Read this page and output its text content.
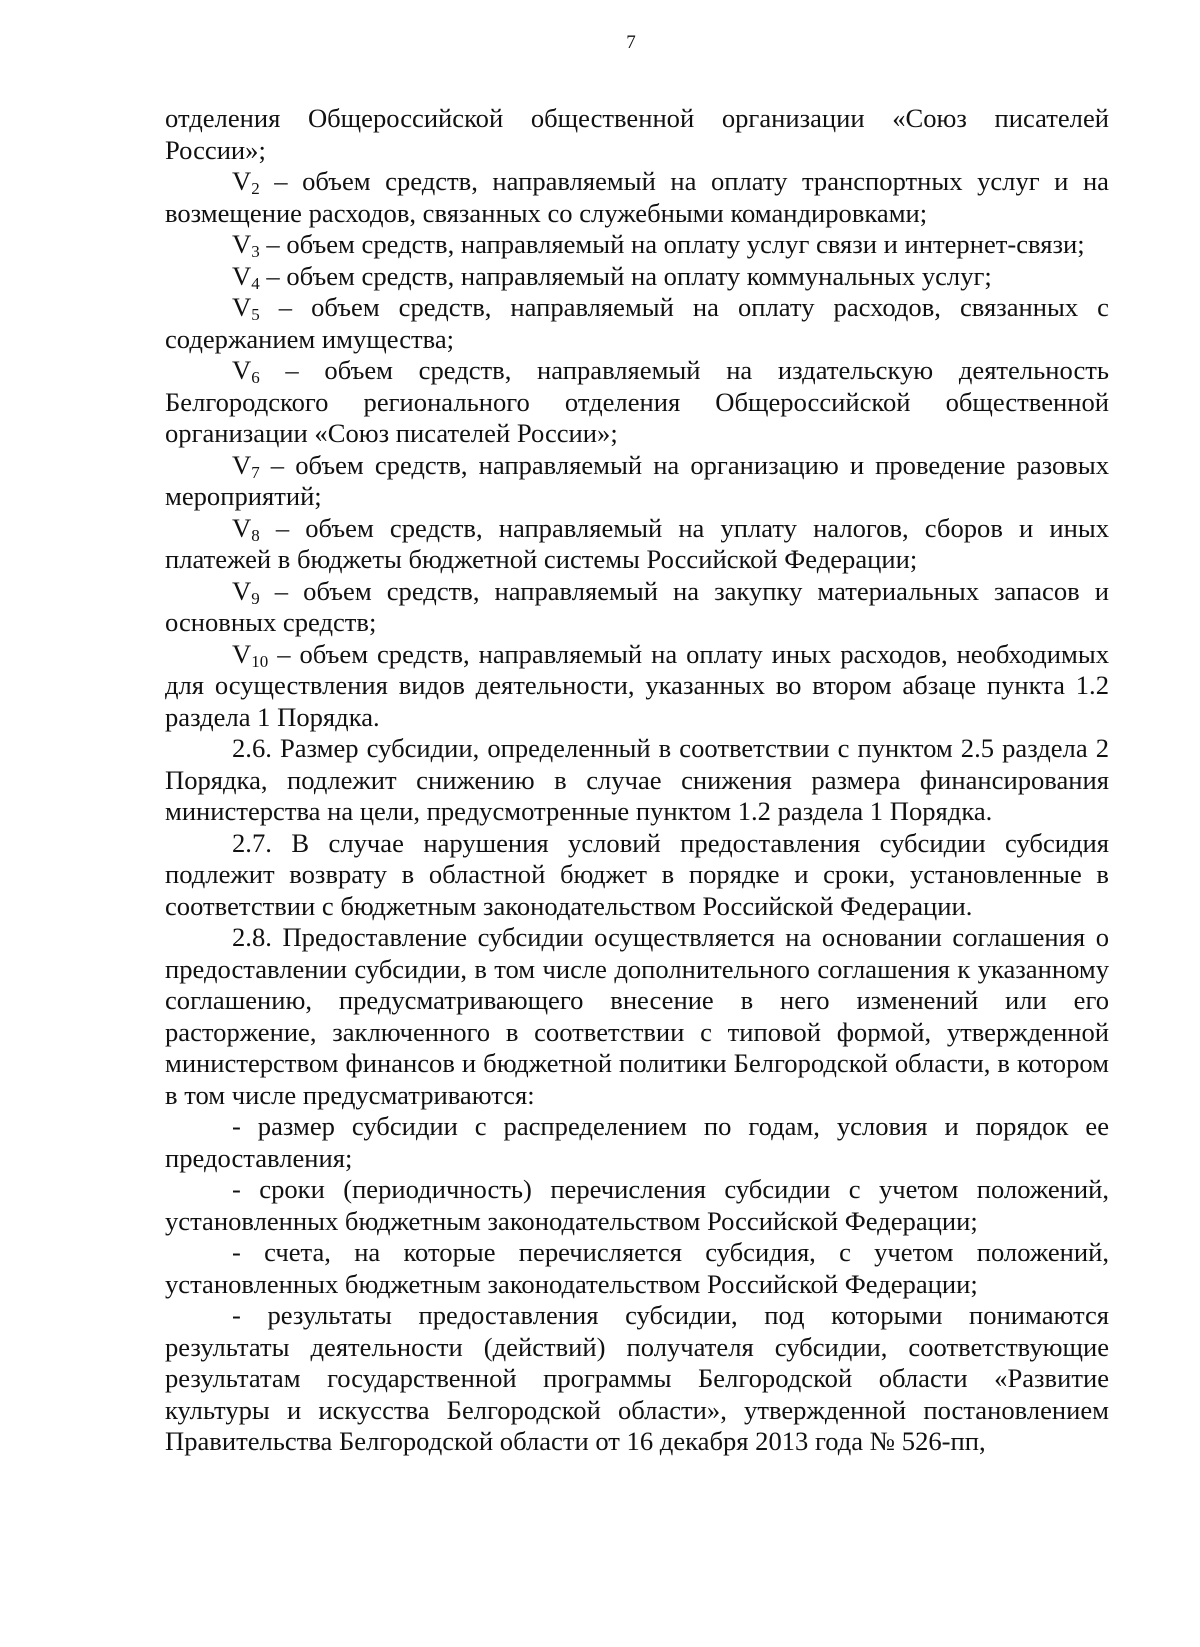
7

отделения Общероссийской общественной организации «Союз писателей России»;

$V_2$ – объем средств, направляемый на оплату транспортных услуг и на возмещение расходов, связанных со служебными командировками;

$V_3$ – объем средств, направляемый на оплату услуг связи и интернет-связи;

$V_4$ – объем средств, направляемый на оплату коммунальных услуг;

$V_5$ – объем средств, направляемый на оплату расходов, связанных с содержанием имущества;

$V_6$ – объем средств, направляемый на издательскую деятельность Белгородского регионального отделения Общероссийской общественной организации «Союз писателей России»;

$V_7$ – объем средств, направляемый на организацию и проведение разовых мероприятий;

$V_8$ – объем средств, направляемый на уплату налогов, сборов и иных платежей в бюджеты бюджетной системы Российской Федерации;

$V_9$ – объем средств, направляемый на закупку материальных запасов и основных средств;

$V_{10}$ – объем средств, направляемый на оплату иных расходов, необходимых для осуществления видов деятельности, указанных во втором абзаце пункта 1.2 раздела 1 Порядка.

2.6. Размер субсидии, определенный в соответствии с пунктом 2.5 раздела 2 Порядка, подлежит снижению в случае снижения размера финансирования министерства на цели, предусмотренные пунктом 1.2 раздела 1 Порядка.

2.7. В случае нарушения условий предоставления субсидии субсидия подлежит возврату в областной бюджет в порядке и сроки, установленные в соответствии с бюджетным законодательством Российской Федерации.

2.8. Предоставление субсидии осуществляется на основании соглашения о предоставлении субсидии, в том числе дополнительного соглашения к указанному соглашению, предусматривающего внесение в него изменений или его расторжение, заключенного в соответствии с типовой формой, утвержденной министерством финансов и бюджетной политики Белгородской области, в котором в том числе предусматриваются:

- размер субсидии с распределением по годам, условия и порядок ее предоставления;

- сроки (периодичность) перечисления субсидии с учетом положений, установленных бюджетным законодательством Российской Федерации;

- счета, на которые перечисляется субсидия, с учетом положений, установленных бюджетным законодательством Российской Федерации;

- результаты предоставления субсидии, под которыми понимаются результаты деятельности (действий) получателя субсидии, соответствующие результатам государственной программы Белгородской области «Развитие культуры и искусства Белгородской области», утвержденной постановлением Правительства Белгородской области от 16 декабря 2013 года № 526-пп,
